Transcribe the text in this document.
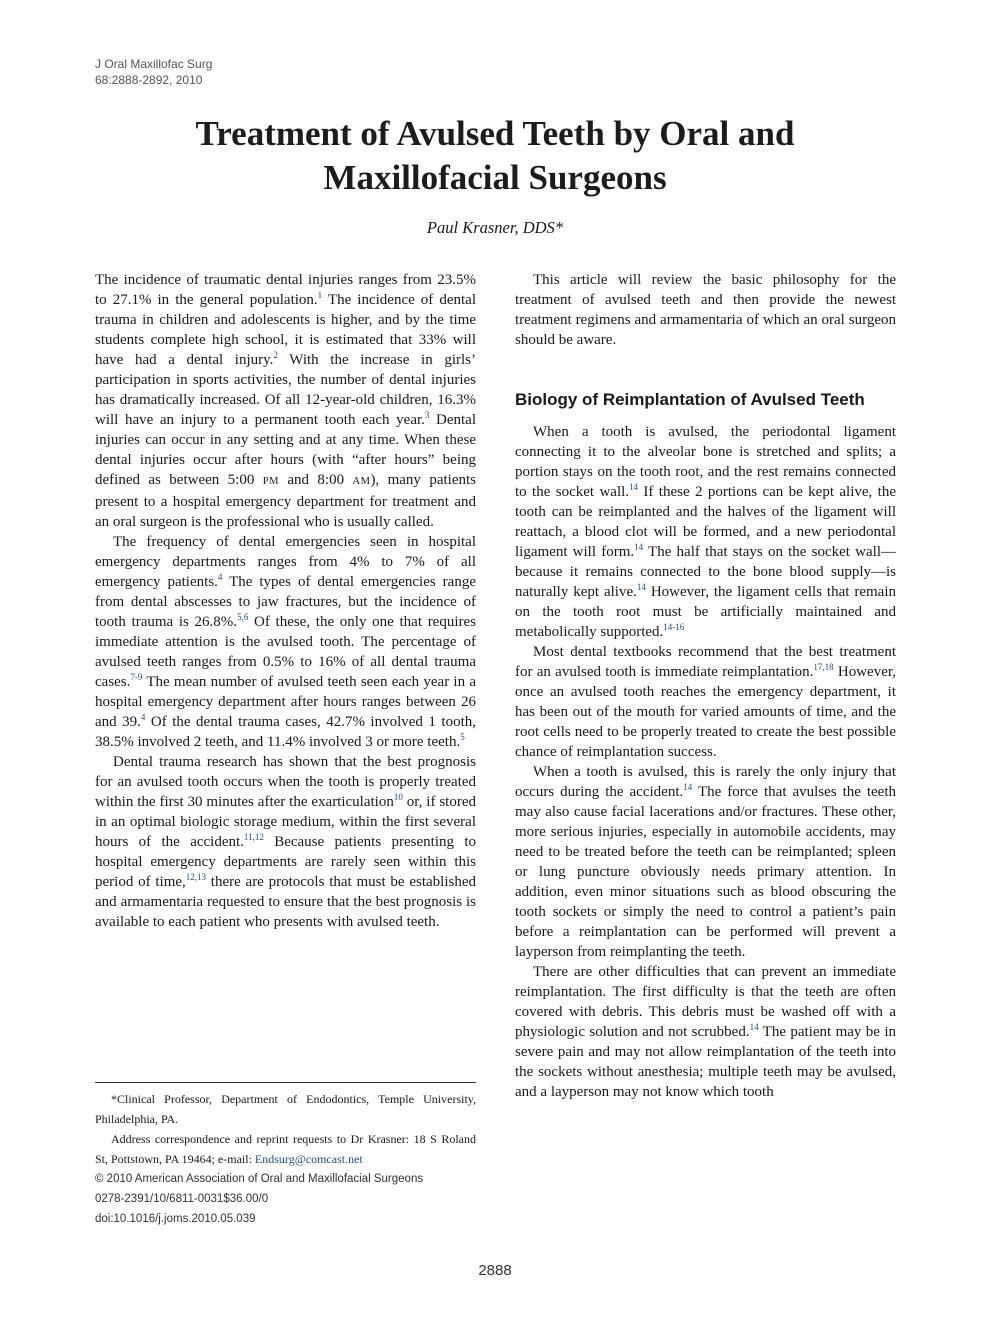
J Oral Maxillofac Surg
68:2888-2892, 2010
Treatment of Avulsed Teeth by Oral and Maxillofacial Surgeons
Paul Krasner, DDS*

The incidence of traumatic dental injuries ranges from 23.5% to 27.1% in the general population.$^1$ The incidence of dental trauma in children and adolescents is higher, and by the time students complete high school, it is estimated that 33% will have had a dental injury.$^2$ With the increase in girls’ participation in sports activities, the number of dental injuries has dramatically increased. Of all 12-year-old children, 16.3% will have an injury to a permanent tooth each year.$^3$ Dental injuries can occur in any setting and at any time. When these dental injuries occur after hours (with “after hours” being defined as between 5:00 PM and 8:00 AM), many patients present to a hospital emergency department for treatment and an oral surgeon is the professional who is usually called.

The frequency of dental emergencies seen in hospital emergency departments ranges from 4% to 7% of all emergency patients.$^4$ The types of dental emergencies range from dental abscesses to jaw fractures, but the incidence of tooth trauma is 26.8%.$^{5,6}$ Of these, the only one that requires immediate attention is the avulsed tooth. The percentage of avulsed teeth ranges from 0.5% to 16% of all dental trauma cases.$^{7-9}$ The mean number of avulsed teeth seen each year in a hospital emergency department after hours ranges between 26 and 39.$^4$ Of the dental trauma cases, 42.7% involved 1 tooth, 38.5% involved 2 teeth, and 11.4% involved 3 or more teeth.$^5$

Dental trauma research has shown that the best prognosis for an avulsed tooth occurs when the tooth is properly treated within the first 30 minutes after the exarticulation$^{10}$ or, if stored in an optimal biologic storage medium, within the first several hours of the accident.$^{11,12}$ Because patients presenting to hospital emergency departments are rarely seen within this period of time,$^{12,13}$ there are protocols that must be established and armamentaria requested to ensure that the best prognosis is available to each patient who presents with avulsed teeth.

*Clinical Professor, Department of Endodontics, Temple University, Philadelphia, PA.

Address correspondence and reprint requests to Dr Krasner: 18 S Roland St, Pottstown, PA 19464; e-mail: Endsurg@comcast.net

© 2010 American Association of Oral and Maxillofacial Surgeons

0278-2391/10/6811-0031$36.00/0

doi:10.1016/j.joms.2010.05.039

This article will review the basic philosophy for the treatment of avulsed teeth and then provide the newest treatment regimens and armamentaria of which an oral surgeon should be aware.

Biology of Reimplantation of Avulsed Teeth

When a tooth is avulsed, the periodontal ligament connecting it to the alveolar bone is stretched and splits; a portion stays on the tooth root, and the rest remains connected to the socket wall.$^{14}$ If these 2 portions can be kept alive, the tooth can be reimplanted and the halves of the ligament will reattach, a blood clot will be formed, and a new periodontal ligament will form.$^{14}$ The half that stays on the socket wall— because it remains connected to the bone blood supply—is naturally kept alive.$^{14}$ However, the ligament cells that remain on the tooth root must be artificially maintained and metabolically supported.$^{14-16}$

Most dental textbooks recommend that the best treatment for an avulsed tooth is immediate reimplantation.$^{17,18}$ However, once an avulsed tooth reaches the emergency department, it has been out of the mouth for varied amounts of time, and the root cells need to be properly treated to create the best possible chance of reimplantation success.

When a tooth is avulsed, this is rarely the only injury that occurs during the accident.$^{14}$ The force that avulses the teeth may also cause facial lacerations and/or fractures. These other, more serious injuries, especially in automobile accidents, may need to be treated before the teeth can be reimplanted; spleen or lung puncture obviously needs primary attention. In addition, even minor situations such as blood obscuring the tooth sockets or simply the need to control a patient’s pain before a reimplantation can be performed will prevent a layperson from reimplanting the teeth.

There are other difficulties that can prevent an immediate reimplantation. The first difficulty is that the teeth are often covered with debris. This debris must be washed off with a physiologic solution and not scrubbed.$^{14}$ The patient may be in severe pain and may not allow reimplantation of the teeth into the sockets without anesthesia; multiple teeth may be avulsed, and a layperson may not know which tooth

2888
